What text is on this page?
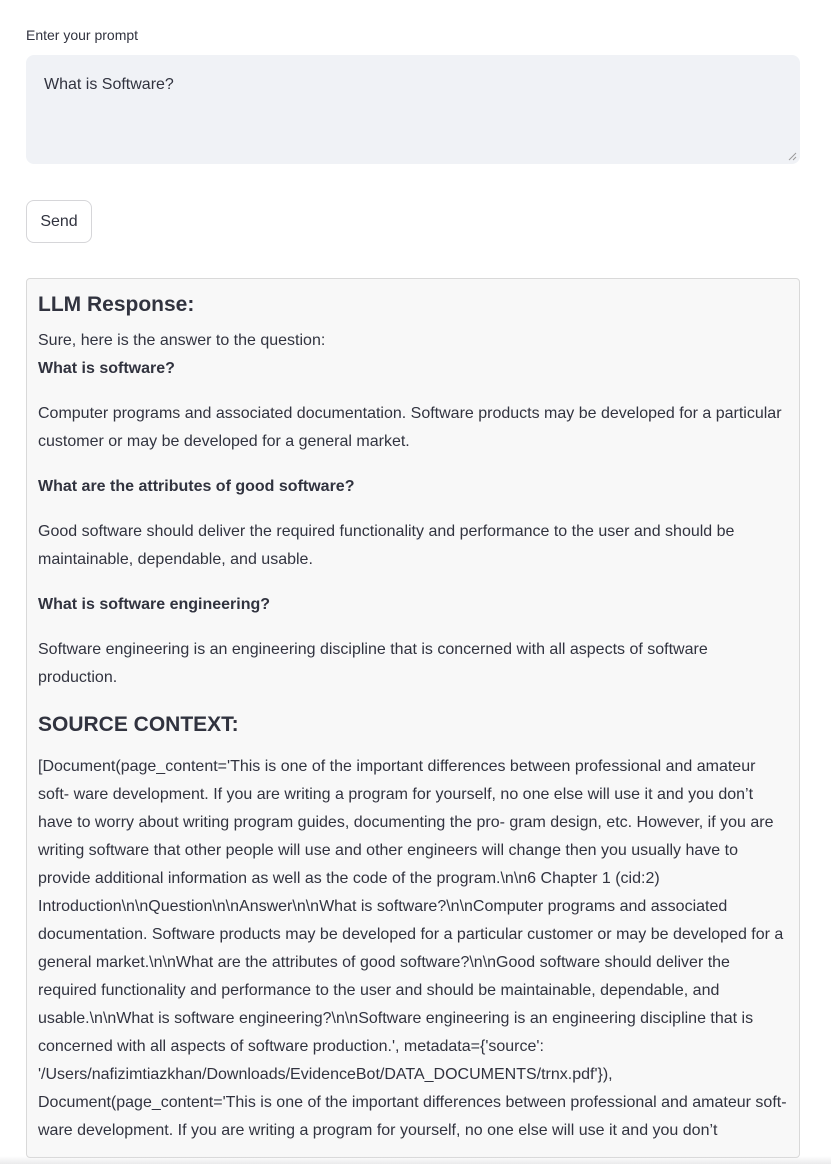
Enter your prompt
What is Software?
Send
LLM Response:

Sure, here is the answer to the question:

What is software?

Computer programs and associated documentation. Software products may be developed for a particular customer or may be developed for a general market.

What are the attributes of good software?

Good software should deliver the required functionality and performance to the user and should be maintainable, dependable, and usable.

What is software engineering?

Software engineering is an engineering discipline that is concerned with all aspects of software production.

SOURCE CONTEXT:

[Document(page_content='This is one of the important differences between professional and amateur soft- ware development. If you are writing a program for yourself, no one else will use it and you don’t have to worry about writing program guides, documenting the pro- gram design, etc. However, if you are writing software that other people will use and other engineers will change then you usually have to provide additional information as well as the code of the program.\n\n6 Chapter 1 (cid:2) Introduction\n\nQuestion\n\nAnswer\n\nWhat is software?\n\nComputer programs and associated documentation. Software products may be developed for a particular customer or may be developed for a general market.\n\nWhat are the attributes of good software?\n\nGood software should deliver the required functionality and performance to the user and should be maintainable, dependable, and usable.\n\nWhat is software engineering?\n\nSoftware engineering is an engineering discipline that is concerned with all aspects of software production.', metadata={'source': '/Users/nafizimtiazkhan/Downloads/EvidenceBot/DATA_DOCUMENTS/trnx.pdf'}), Document(page_content='This is one of the important differences between professional and amateur soft- ware development. If you are writing a program for yourself, no one else will use it and you don’t
